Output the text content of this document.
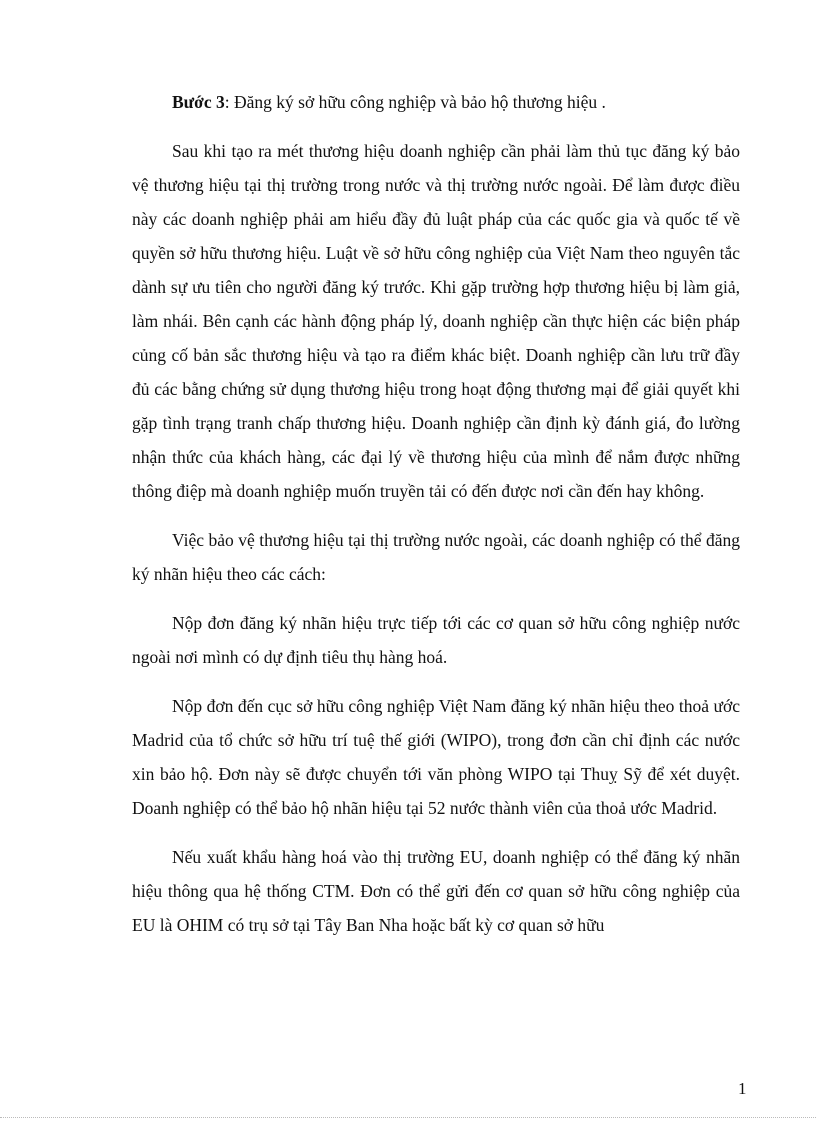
Bước 3: Đăng ký sở hữu công nghiệp và bảo hộ thương hiệu .

Sau khi tạo ra mét thương hiệu doanh nghiệp cần phải làm thủ tục đăng ký bảo vệ thương hiệu tại thị trường trong nước và thị trường nước ngoài. Để làm được điều này các doanh nghiệp phải am hiểu đầy đủ luật pháp của các quốc gia và quốc tế về quyền sở hữu thương hiệu. Luật về sở hữu công nghiệp của Việt Nam theo nguyên tắc dành sự ưu tiên cho người đăng ký trước. Khi gặp trường hợp thương hiệu bị làm giả, làm nhái. Bên cạnh các hành động pháp lý, doanh nghiệp cần thực hiện các biện pháp củng cố bản sắc thương hiệu và tạo ra điểm khác biệt. Doanh nghiệp cần lưu trữ đầy đủ các bằng chứng sử dụng thương hiệu trong hoạt động thương mại để giải quyết khi gặp tình trạng tranh chấp thương hiệu. Doanh nghiệp cần định kỳ đánh giá, đo lường nhận thức của khách hàng, các đại lý về thương hiệu của mình để nắm được những thông điệp mà doanh nghiệp muốn truyền tải có đến được nơi cần đến hay không.

Việc bảo vệ thương hiệu tại thị trường nước ngoài, các doanh nghiệp có thể đăng ký nhãn hiệu theo các cách:

Nộp đơn đăng ký nhãn hiệu trực tiếp tới các cơ quan sở hữu công nghiệp nước ngoài nơi mình có dự định tiêu thụ hàng hoá.

Nộp đơn đến cục sở hữu công nghiệp Việt Nam đăng ký nhãn hiệu theo thoả ước Madrid của tổ chức sở hữu trí tuệ thế giới (WIPO), trong đơn cần chỉ định các nước xin bảo hộ. Đơn này sẽ được chuyển tới văn phòng WIPO tại Thuỵ Sỹ để xét duyệt. Doanh nghiệp có thể bảo hộ nhãn hiệu tại 52 nước thành viên của thoả ước Madrid.

Nếu xuất khẩu hàng hoá vào thị trường EU, doanh nghiệp có thể đăng ký nhãn hiệu thông qua hệ thống CTM. Đơn có thể gửi đến cơ quan sở hữu công nghiệp của EU là OHIM có trụ sở tại Tây Ban Nha hoặc bất kỳ cơ quan sở hữu

1
